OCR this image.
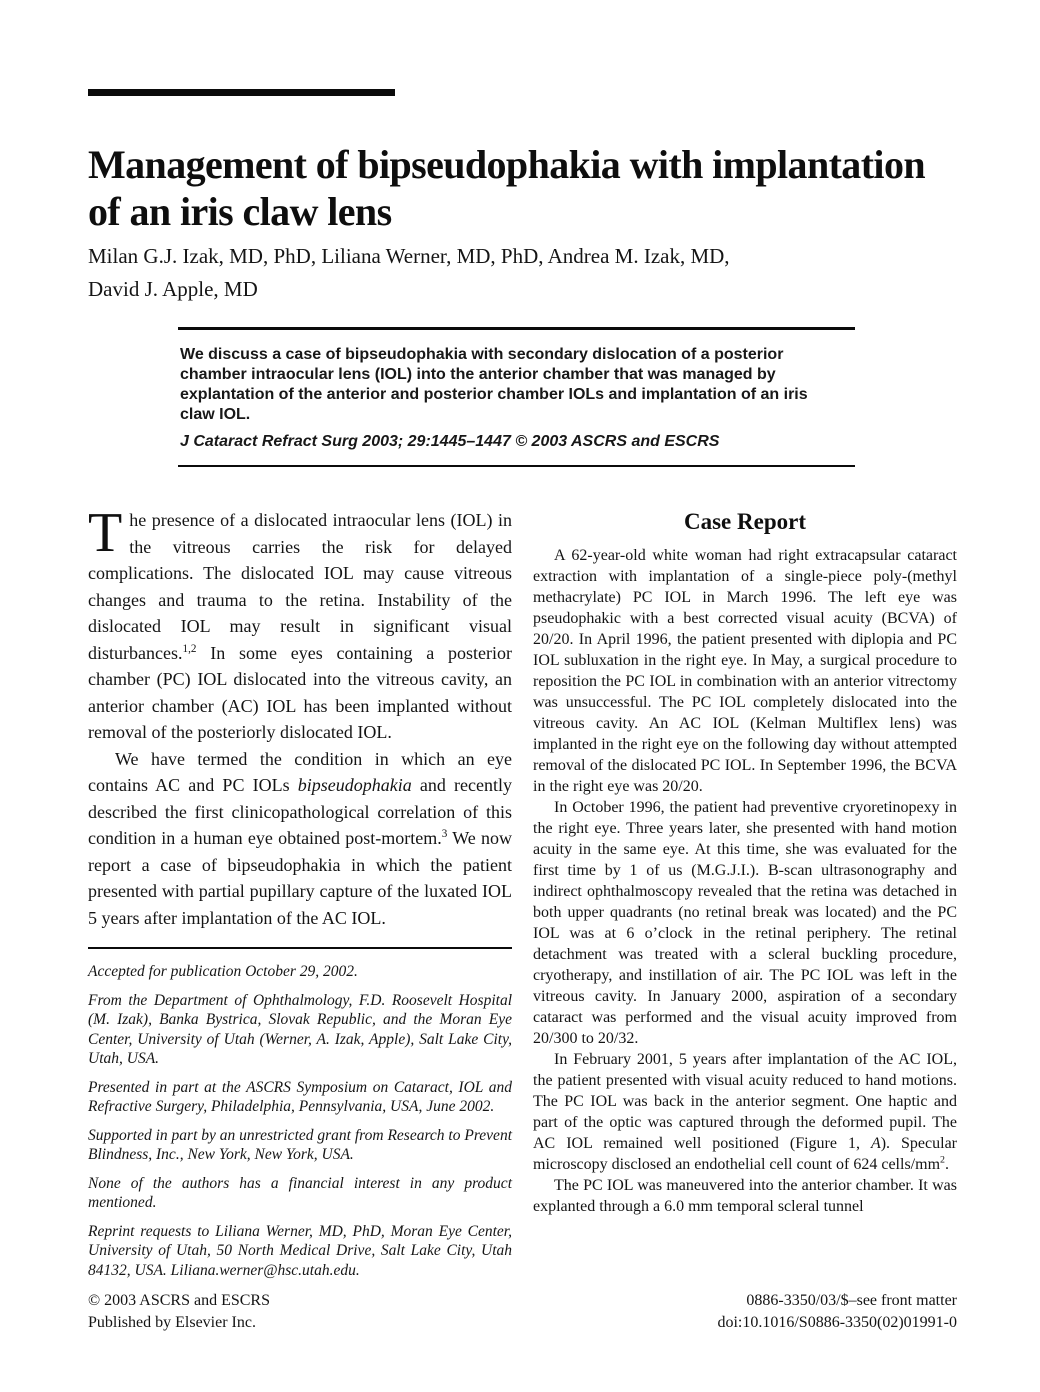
Management of bipseudophakia with implantation
of an iris claw lens
Milan G.J. Izak, MD, PhD, Liliana Werner, MD, PhD, Andrea M. Izak, MD,
David J. Apple, MD

We discuss a case of bipseudophakia with secondary dislocation of a posterior chamber intraocular lens (IOL) into the anterior chamber that was managed by explantation of the anterior and posterior chamber IOLs and implantation of an iris claw IOL.

J Cataract Refract Surg 2003; 29:1445–1447 © 2003 ASCRS and ESCRS

The presence of a dislocated intraocular lens (IOL) in the vitreous carries the risk for delayed complications. The dislocated IOL may cause vitreous changes and trauma to the retina. Instability of the dislocated IOL may result in significant visual disturbances.$^{1,2}$ In some eyes containing a posterior chamber (PC) IOL dislocated into the vitreous cavity, an anterior chamber (AC) IOL has been implanted without removal of the posteriorly dislocated IOL.

We have termed the condition in which an eye contains AC and PC IOLs bipseudophakia and recently described the first clinicopathological correlation of this condition in a human eye obtained post-mortem.$^3$ We now report a case of bipseudophakia in which the patient presented with partial pupillary capture of the luxated IOL 5 years after implantation of the AC IOL.

Accepted for publication October 29, 2002.

From the Department of Ophthalmology, F.D. Roosevelt Hospital (M. Izak), Banka Bystrica, Slovak Republic, and the Moran Eye Center, University of Utah (Werner, A. Izak, Apple), Salt Lake City, Utah, USA.

Presented in part at the ASCRS Symposium on Cataract, IOL and Refractive Surgery, Philadelphia, Pennsylvania, USA, June 2002.

Supported in part by an unrestricted grant from Research to Prevent Blindness, Inc., New York, New York, USA.

None of the authors has a financial interest in any product mentioned.

Reprint requests to Liliana Werner, MD, PhD, Moran Eye Center, University of Utah, 50 North Medical Drive, Salt Lake City, Utah 84132, USA. Liliana.werner@hsc.utah.edu.

Case Report

A 62-year-old white woman had right extracapsular cataract extraction with implantation of a single-piece poly-(methyl methacrylate) PC IOL in March 1996. The left eye was pseudophakic with a best corrected visual acuity (BCVA) of 20/20. In April 1996, the patient presented with diplopia and PC IOL subluxation in the right eye. In May, a surgical procedure to reposition the PC IOL in combination with an anterior vitrectomy was unsuccessful. The PC IOL completely dislocated into the vitreous cavity. An AC IOL (Kelman Multiflex lens) was implanted in the right eye on the following day without attempted removal of the dislocated PC IOL. In September 1996, the BCVA in the right eye was 20/20.

In October 1996, the patient had preventive cryoretinopexy in the right eye. Three years later, she presented with hand motion acuity in the same eye. At this time, she was evaluated for the first time by 1 of us (M.G.J.I.). B-scan ultrasonography and indirect ophthalmoscopy revealed that the retina was detached in both upper quadrants (no retinal break was located) and the PC IOL was at 6 o’clock in the retinal periphery. The retinal detachment was treated with a scleral buckling procedure, cryotherapy, and instillation of air. The PC IOL was left in the vitreous cavity. In January 2000, aspiration of a secondary cataract was performed and the visual acuity improved from 20/300 to 20/32.

In February 2001, 5 years after implantation of the AC IOL, the patient presented with visual acuity reduced to hand motions. The PC IOL was back in the anterior segment. One haptic and part of the optic was captured through the deformed pupil. The AC IOL remained well positioned (Figure 1, A). Specular microscopy disclosed an endothelial cell count of 624 cells/$mm^2$.

The PC IOL was maneuvered into the anterior chamber. It was explanted through a 6.0 mm temporal scleral tunnel

© 2003 ASCRS and ESCRS

Published by Elsevier Inc.

0886-3350/03/$–see front matter

doi:10.1016/S0886-3350(02)01991-0
